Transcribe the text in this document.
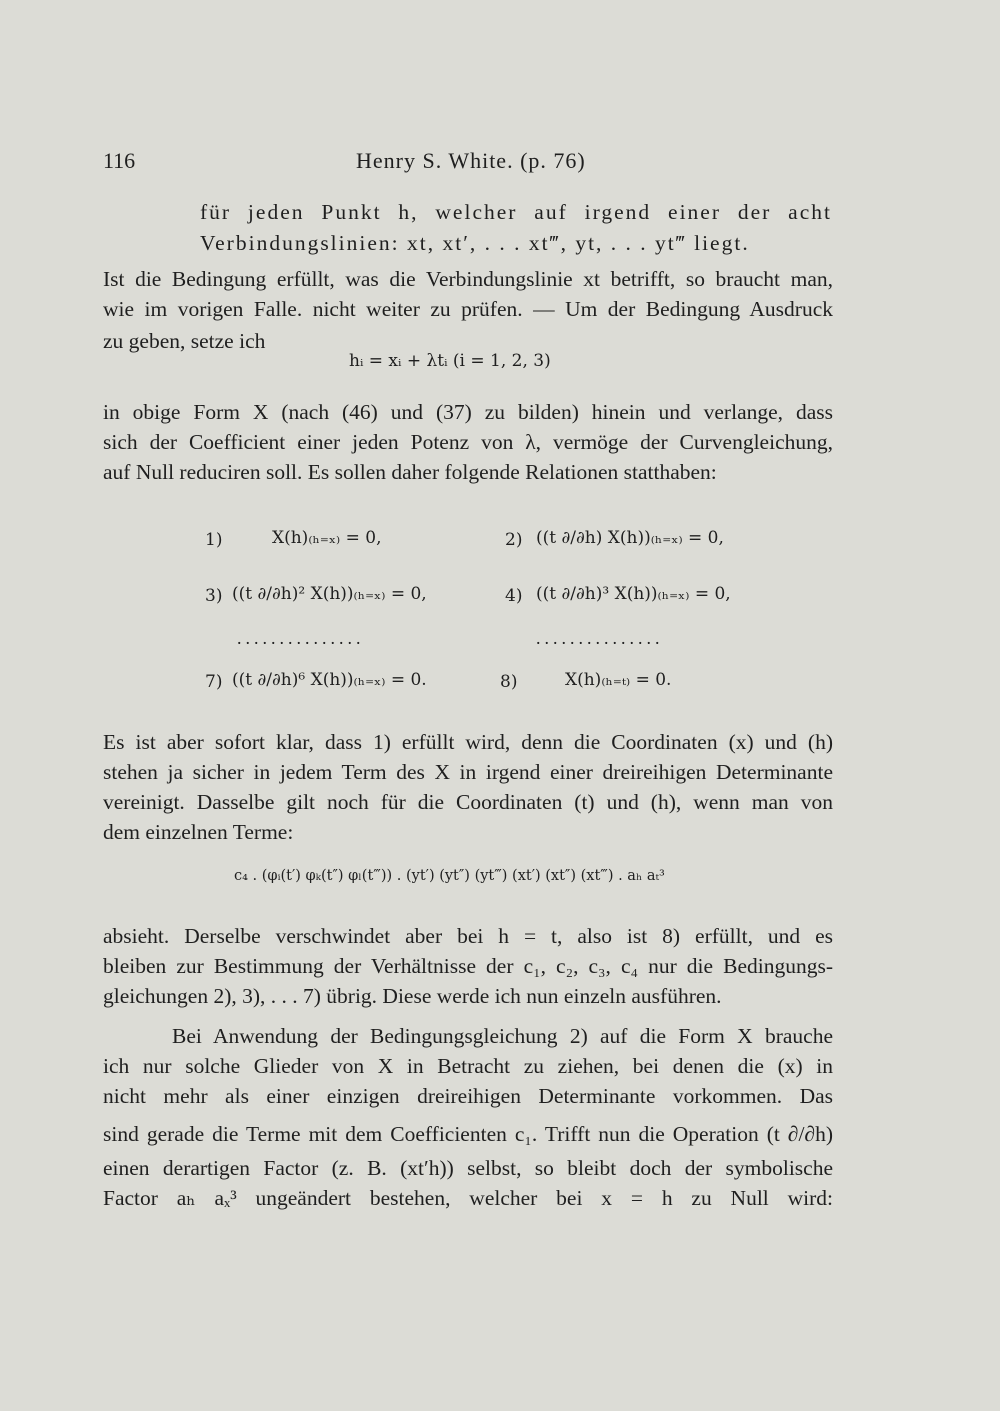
116	Henry S. White. (p. 76)
für jeden Punkt h, welcher auf irgend einer der acht
Verbindungslinien: xt, xt′, . . . xt‴, yt, . . . yt‴ liegt.
Ist die Bedingung erfüllt, was die Verbindungslinie xt betrifft, so braucht man,
wie im vorigen Falle. nicht weiter zu prüfen. — Um der Bedingung Ausdruck
zu geben, setze ich
hᵢ = xᵢ + λtᵢ (i = 1, 2, 3)
in obige Form X (nach (46) und (37) zu bilden) hinein und verlange, dass
sich der Coefficient einer jeden Potenz von λ, vermöge der Curvengleichung,
auf Null reduciren soll. Es sollen daher folgende Relationen statthaben:
1)	X(h)₍ₕ₌ₓ₎ = 0,	2) ((t ∂/∂h) X(h))₍ₕ₌ₓ₎ = 0,
3) ((t ∂/∂h)² X(h))₍ₕ₌ₓ₎ = 0,	4) ((t ∂/∂h)³ X(h))₍ₕ₌ₓ₎ = 0,
...............	...............
7) ((t ∂/∂h)⁶ X(h))₍ₕ₌ₓ₎ = 0.	8)	X(h)₍ₕ₌ₜ₎ = 0.
Es ist aber sofort klar, dass 1) erfüllt wird, denn die Coordinaten (x) und (h)
stehen ja sicher in jedem Term des X in irgend einer dreireihigen Determinante
vereinigt. Dasselbe gilt noch für die Coordinaten (t) und (h), wenn man von
dem einzelnen Terme:
c₄ . (φᵢ(t′) φₖ(t″) φₗ(t‴)) . (yt′) (yt″) (yt‴) (xt′) (xt″) (xt‴) . aₕ aₜ³
absieht. Derselbe verschwindet aber bei h = t, also ist 8) erfüllt, und es
bleiben zur Bestimmung der Verhältnisse der c₁, c₂, c₃, c₄ nur die Bedingungs-
gleichungen 2), 3), . . . 7) übrig. Diese werde ich nun einzeln ausführen.
Bei Anwendung der Bedingungsgleichung 2) auf die Form X brauche
ich nur solche Glieder von X in Betracht zu ziehen, bei denen die (x) in
nicht mehr als einer einzigen dreireihigen Determinante vorkommen. Das
sind gerade die Terme mit dem Coefficienten c₁. Trifft nun die Operation (t ∂/∂h)
einen derartigen Factor (z. B. (xt′h)) selbst, so bleibt doch der symbolische
Factor aₕ aₓ³ ungeändert bestehen, welcher bei x = h zu Null wird:
